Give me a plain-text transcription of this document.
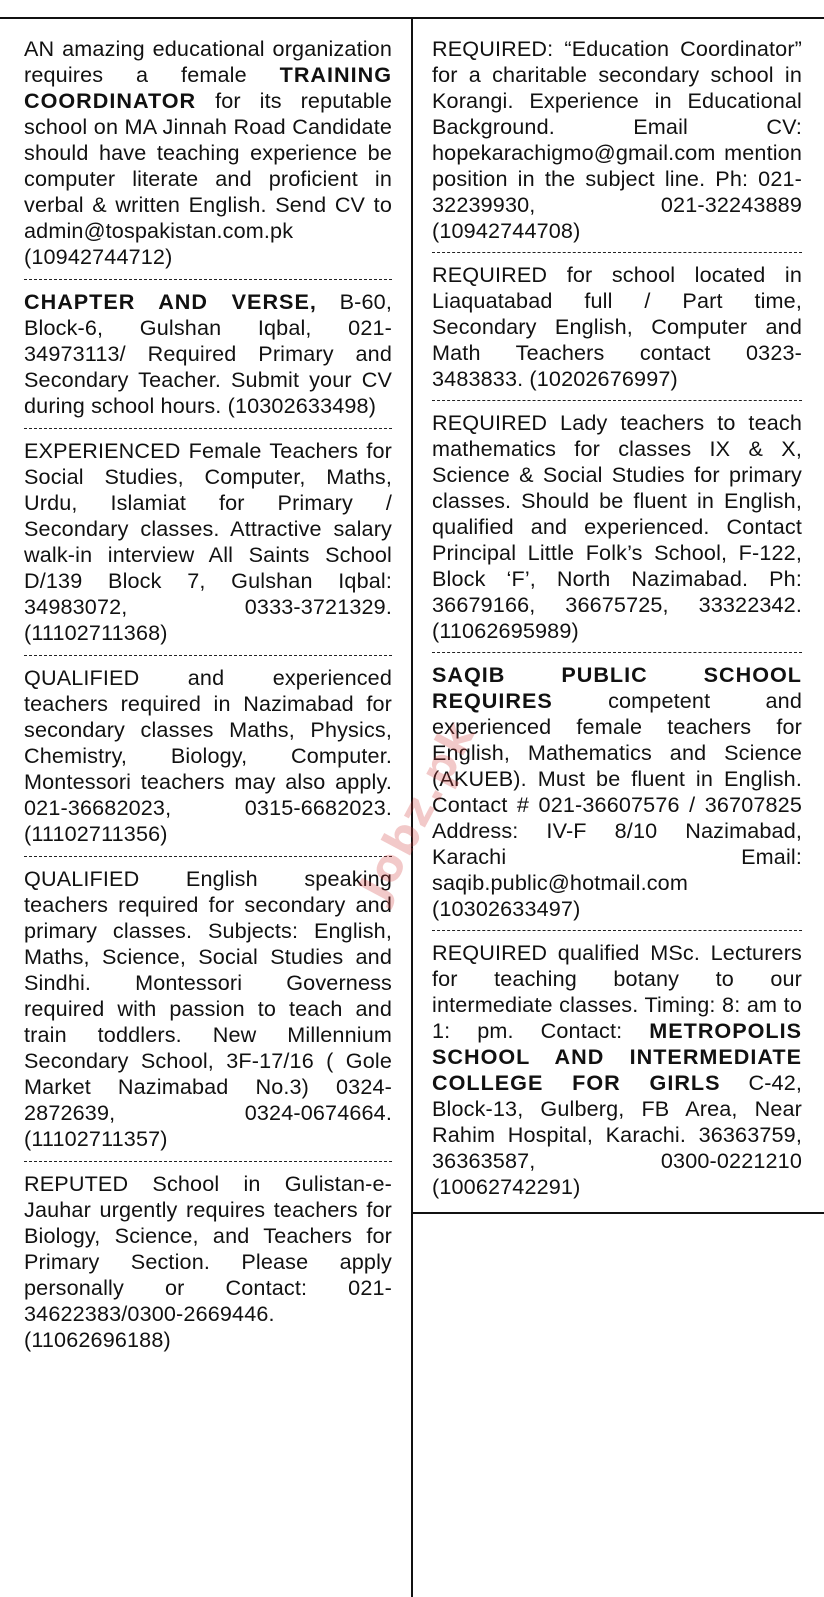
AN amazing educational organization requires a female TRAINING COORDINATOR for its reputable school on MA Jinnah Road Candidate should have teaching experience be computer literate and proficient in verbal & written English. Send CV to admin@tospakistan.com.pk (10942744712)

CHAPTER AND VERSE, B-60, Block-6, Gulshan Iqbal, 021-34973113/ Required Primary and Secondary Teacher. Submit your CV during school hours. (10302633498)

EXPERIENCED Female Teachers for Social Studies, Computer, Maths, Urdu, Islamiat for Primary / Secondary classes. Attractive salary walk-in interview All Saints School D/139 Block 7, Gulshan Iqbal: 34983072, 0333-3721329. (11102711368)

QUALIFIED and experienced teachers required in Nazimabad for secondary classes Maths, Physics, Chemistry, Biology, Computer. Montessori teachers may also apply. 021-36682023, 0315-6682023. (11102711356)

QUALIFIED English speaking teachers required for secondary and primary classes. Subjects: English, Maths, Science, Social Studies and Sindhi. Montessori Governess required with passion to teach and train toddlers. New Millennium Secondary School, 3F-17/16 ( Gole Market Nazimabad No.3) 0324-2872639, 0324-0674664. (11102711357)

REPUTED School in Gulistan-e-Jauhar urgently requires teachers for Biology, Science, and Teachers for Primary Section. Please apply personally or Contact: 021-34622383/0300-2669446. (11062696188)

REQUIRED: “Education Coordinator” for a charitable secondary school in Korangi. Experience in Educational Background. Email CV: hopekarachigmo@gmail.com mention position in the subject line. Ph: 021-32239930, 021-32243889 (10942744708)

REQUIRED for school located in Liaquatabad full / Part time, Secondary English, Computer and Math Teachers contact 0323-3483833. (10202676997)

REQUIRED Lady teachers to teach mathematics for classes IX & X, Science & Social Studies for primary classes. Should be fluent in English, qualified and experienced. Contact Principal Little Folk’s School, F-122, Block ‘F’, North Nazimabad. Ph: 36679166, 36675725, 33322342. (11062695989)

SAQIB PUBLIC SCHOOL REQUIRES competent and experienced female teachers for English, Mathematics and Science (AKUEB). Must be fluent in English. Contact # 021-36607576 / 36707825 Address: IV-F 8/10 Nazimabad, Karachi Email: saqib.public@hotmail.com (10302633497)

REQUIRED qualified MSc. Lecturers for teaching botany to our intermediate classes. Timing: 8: am to 1: pm. Contact: METROPOLIS SCHOOL AND INTERMEDIATE COLLEGE FOR GIRLS C-42, Block-13, Gulberg, FB Area, Near Rahim Hospital, Karachi. 36363759, 36363587, 0300-0221210 (10062742291)

Jobz.pk
